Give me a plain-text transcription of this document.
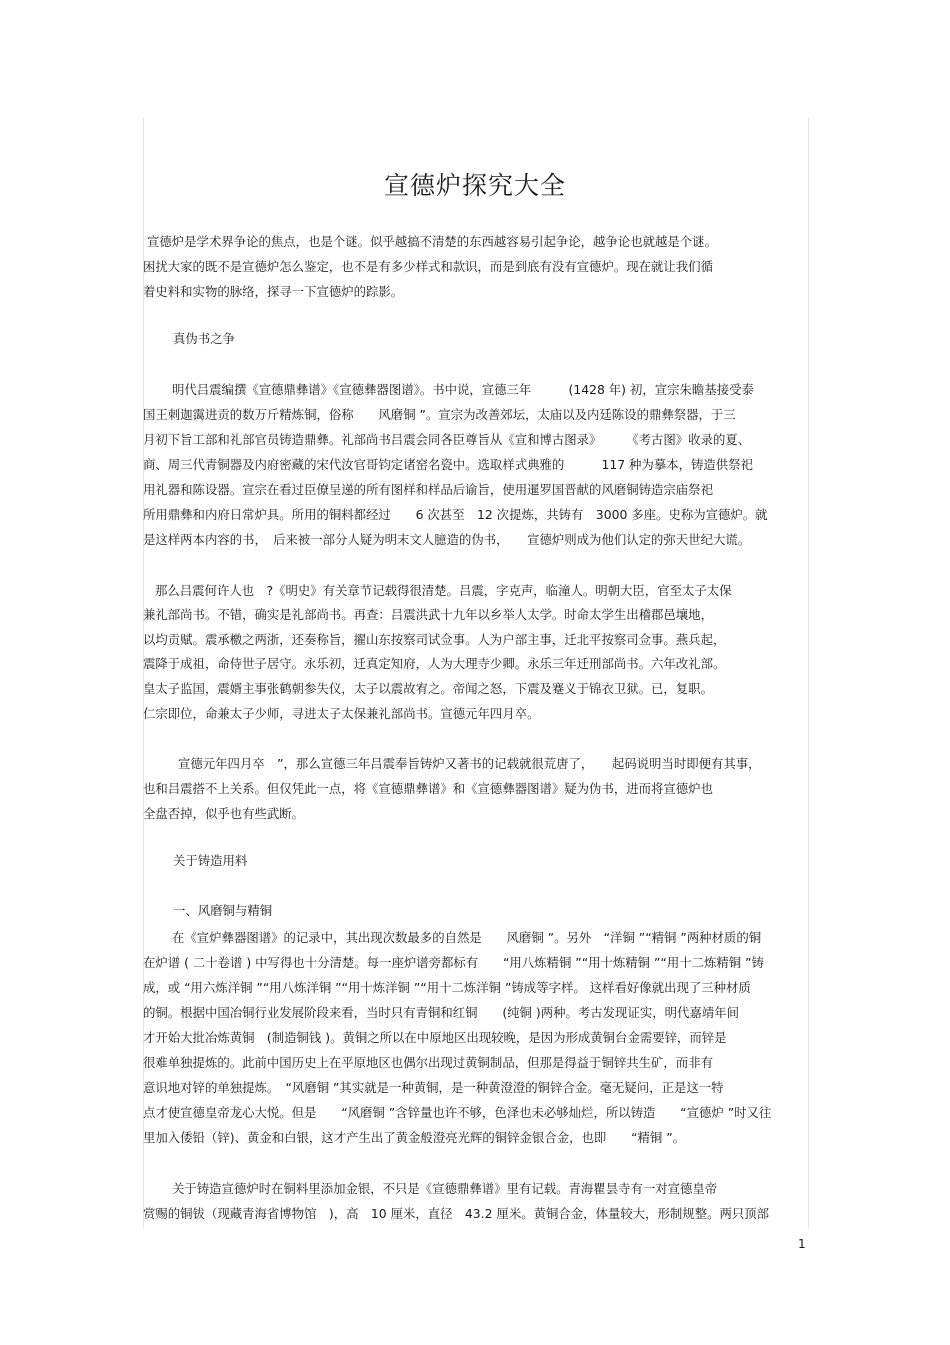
宣德炉探究大全
宣德炉是学术界争论的焦点，也是个谜。似乎越搞不清楚的东西越容易引起争论，越争论也就越是个谜。
困扰大家的既不是宣德炉怎么鉴定，也不是有多少样式和款识，而是到底有没有宣德炉。现在就让我们循
着史料和实物的脉络，探寻一下宣德炉的踪影。
真伪书之争
明代吕震编撰《宣德鼎彝谱》《宣德彝器图谱》。书中说，宣德三年　　　(1428 年) 初，宣宗朱瞻基接受泰
国王刺迦霭进贡的数万斤精炼铜，俗称　　风磨铜 ”。宣宗为改善郊坛，太庙以及内廷陈设的鼎彝祭器，于三
月初下旨工部和礼部官员铸造鼎彝。礼部尚书吕震会同各臣尊旨从《宣和博古图录》　　　《考古图》收录的夏、
商、周三代青铜器及内府密藏的宋代汝官哥钧定诸窑名瓷中。选取样式典雅的　　　117 种为摹本，铸造供祭祀
用礼器和陈设器。宣宗在看过臣僚呈递的所有图样和样品后谕旨，使用暹罗国晋献的风磨铜铸造宗庙祭祀
所用鼎彝和内府日常炉具。所用的铜料都经过　　6 次甚至　12 次提炼，共铸有　3000 多座。史称为宣德炉。就
是这样两本内容的书，　后来被一部分人疑为明末文人臆造的伪书，　　宣德炉则成为他们认定的弥天世纪大谎。
那么吕震何许人也　?《明史》有关章节记载得很清楚。吕震，字克声，临潼人。明朝大臣，官至太子太保
兼礼部尚书。不错，确实是礼部尚书。再查：吕震洪武十九年以乡举人太学。时命太学生出稽郡邑壤地，
以均贡赋。震承檄之两浙，还奏称旨，擢山东按察司试佥事。人为户部主事，迁北平按察司佥事。燕兵起，
震降于成祖，命侍世子居守。永乐初，迁真定知府，人为大理寺少卿。永乐三年迁刑部尚书。六年改礼部。
皇太子监国，震婿主事张鹤朝参失仪，太子以震故宥之。帝闻之怒，下震及蹇义于锦衣卫狱。已，复职。
仁宗即位，命兼太子少师，寻进太子太保兼礼部尚书。宣德元年四月卒。
宣德元年四月卒　”，那么宣德三年吕震奉旨铸炉又著书的记载就很荒唐了，　　起码说明当时即便有其事，
也和吕震搭不上关系。但仅凭此一点，将《宣德鼎彝谱》和《宣德彝器图谱》疑为伪书，进而将宣德炉也
全盘否掉，似乎也有些武断。
关于铸造用料
一、风磨铜与精铜
在《宣炉彝器图谱》的记录中，其出现次数最多的自然是　　风磨铜 ”。另外　“洋铜 ”“精铜 ”两种材质的铜
在炉谱 ( 二十卷谱 ) 中写得也十分清楚。每一座炉谱旁都标有　　“用八炼精铜 ”“用十炼精铜 ”“用十二炼精铜 ”铸
成，或 “用六炼洋铜 ”“用八炼洋铜 ”“用十炼洋铜 ”“用十二炼洋铜 ”铸成等字样。 这样看好像就出现了三种材质
的铜。根据中国冶铜行业发展阶段来看，当时只有青铜和红铜　　(纯铜 )两种。考古发现证实，明代嘉靖年间
才开始大批冶炼黄铜　(制造铜钱 )。黄铜之所以在中原地区出现较晚，是因为形成黄铜台金需要锌，而锌是
很难单独提炼的。此前中国历史上在平原地区也偶尔出现过黄铜制品，但那是得益于铜锌共生矿，而非有
意识地对锌的单独提炼。　“风磨铜 ”其实就是一种黄铜，是一种黄澄澄的铜锌合金。毫无疑问，正是这一特
点才使宣德皇帝龙心大悦。但是　　“风磨铜 ”含锌量也许不够，色泽也未必够灿烂，所以铸造　　“宣德炉 ”时又往
里加入倭铅（锌)、黄金和白银，这才产生出了黄金般澄亮光辉的铜锌金银合金，也即　　“精铜 ”。
关于铸造宣德炉时在铜料里添加金银，不只是《宣德鼎彝谱》里有记载。青海瞿昙寺有一对宣德皇帝
赏赐的铜钹（现藏青海省博物馆　)，高　10 厘米，直径　43.2 厘米。黄铜合金，体量较大，形制规整。两只顶部
1
